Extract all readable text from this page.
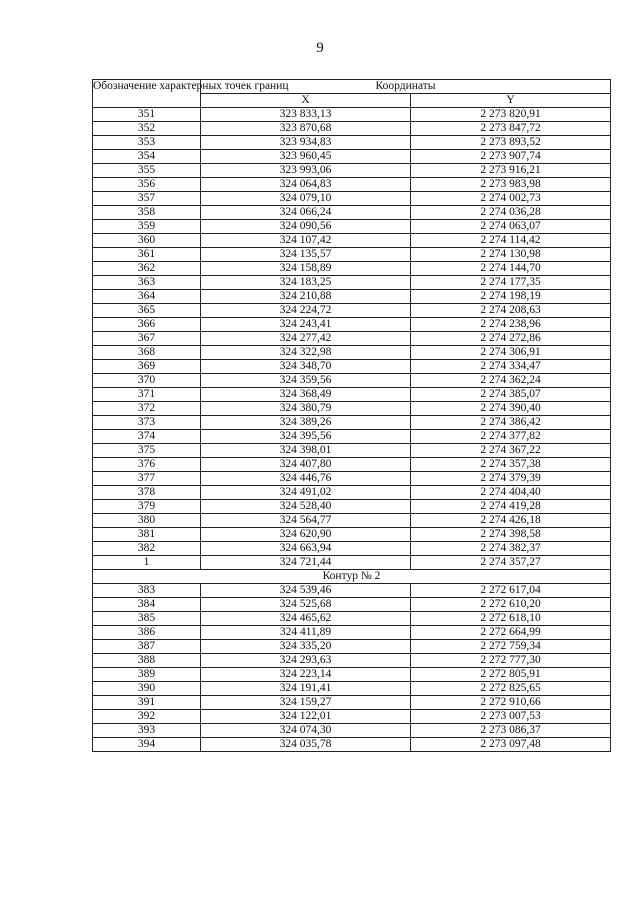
9
Обозначение характерных точек границ	Координаты	
	X	Y
351	323 833,13	2 273 820,91
352	323 870,68	2 273 847,72
353	323 934,83	2 273 893,52
354	323 960,45	2 273 907,74
355	323 993,06	2 273 916,21
356	324 064,83	2 273 983,98
357	324 079,10	2 274 002,73
358	324 066,24	2 274 036,28
359	324 090,56	2 274 063,07
360	324 107,42	2 274 114,42
361	324 135,57	2 274 130,98
362	324 158,89	2 274 144,70
363	324 183,25	2 274 177,35
364	324 210,88	2 274 198,19
365	324 224,72	2 274 208,63
366	324 243,41	2 274 238,96
367	324 277,42	2 274 272,86
368	324 322,98	2 274 306,91
369	324 348,70	2 274 334,47
370	324 359,56	2 274 362,24
371	324 368,49	2 274 385,07
372	324 380,79	2 274 390,40
373	324 389,26	2 274 386,42
374	324 395,56	2 274 377,82
375	324 398,01	2 274 367,22
376	324 407,80	2 274 357,38
377	324 446,76	2 274 379,39
378	324 491,02	2 274 404,40
379	324 528,40	2 274 419,28
380	324 564,77	2 274 426,18
381	324 620,90	2 274 398,58
382	324 663,94	2 274 382,37
1	324 721,44	2 274 357,27
Контур № 2		
383	324 539,46	2 272 617,04
384	324 525,68	2 272 610,20
385	324 465,62	2 272 618,10
386	324 411,89	2 272 664,99
387	324 335,20	2 272 759,34
388	324 293,63	2 272 777,30
389	324 223,14	2 272 805,91
390	324 191,41	2 272 825,65
391	324 159,27	2 272 910,66
392	324 122,01	2 273 007,53
393	324 074,30	2 273 086,37
394	324 035,78	2 273 097,48
